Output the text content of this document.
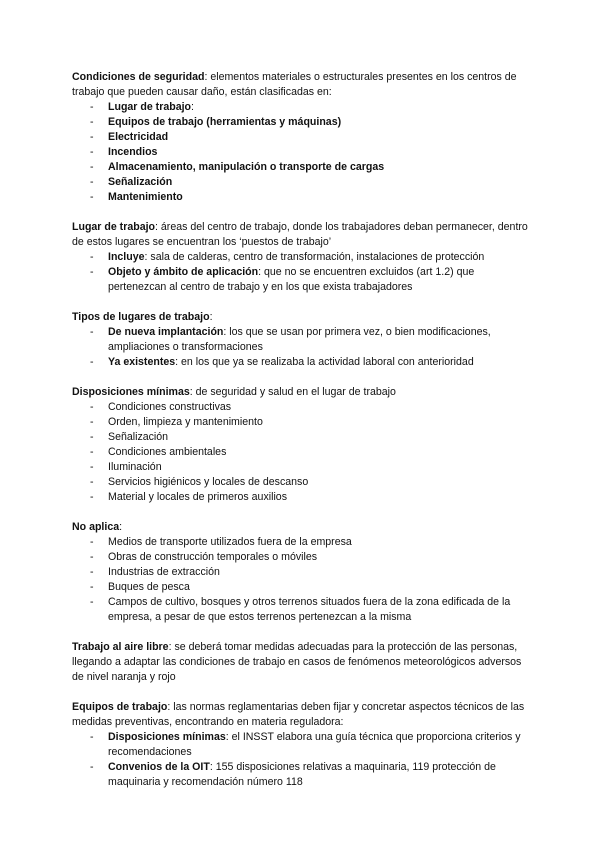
Condiciones de seguridad: elementos materiales o estructurales presentes en los centros de trabajo que pueden causar daño, están clasificadas en:

- Lugar de trabajo:
- Equipos de trabajo (herramientas y máquinas)
- Electricidad
- Incendios
- Almacenamiento, manipulación o transporte de cargas
- Señalización
- Mantenimiento

Lugar de trabajo: áreas del centro de trabajo, donde los trabajadores deban permanecer, dentro de estos lugares se encuentran los ‘puestos de trabajo’

- Incluye: sala de calderas, centro de transformación, instalaciones de protección
- Objeto y ámbito de aplicación: que no se encuentren excluidos (art 1.2) que pertenezcan al centro de trabajo y en los que exista trabajadores

Tipos de lugares de trabajo:

- De nueva implantación: los que se usan por primera vez, o bien modificaciones, ampliaciones o transformaciones
- Ya existentes: en los que ya se realizaba la actividad laboral con anterioridad

Disposiciones mínimas: de seguridad y salud en el lugar de trabajo

- Condiciones constructivas
- Orden, limpieza y mantenimiento
- Señalización
- Condiciones ambientales
- Iluminación
- Servicios higiénicos y locales de descanso
- Material y locales de primeros auxilios

No aplica:

- Medios de transporte utilizados fuera de la empresa
- Obras de construcción temporales o móviles
- Industrias de extracción
- Buques de pesca
- Campos de cultivo, bosques y otros terrenos situados fuera de la zona edificada de la empresa, a pesar de que estos terrenos pertenezcan a la misma

Trabajo al aire libre: se deberá tomar medidas adecuadas para la protección de las personas, llegando a adaptar las condiciones de trabajo en casos de fenómenos meteorológicos adversos de nivel naranja y rojo

Equipos de trabajo: las normas reglamentarias deben fijar y concretar aspectos técnicos de las medidas preventivas, encontrando en materia reguladora:

- Disposiciones mínimas: el INSST elabora una guía técnica que proporciona criterios y recomendaciones
- Convenios de la OIT: 155 disposiciones relativas a maquinaria, 119 protección de maquinaria y recomendación número 118
